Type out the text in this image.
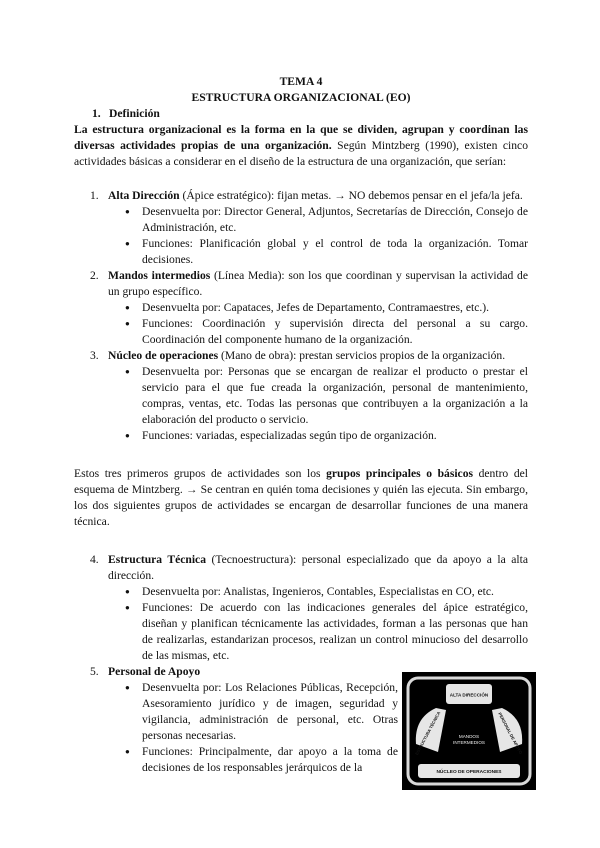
TEMA 4

ESTRUCTURA ORGANIZACIONAL (EO)

1. Definición

La estructura organizacional es la forma en la que se dividen, agrupan y coordinan las diversas actividades propias de una organización. Según Mintzberg (1990), existen cinco actividades básicas a considerar en el diseño de la estructura de una organización, que serían:

1. Alta Dirección (Ápice estratégico): fijan metas. → NO debemos pensar en el jefa/la jefa.
● Desenvuelta por: Director General, Adjuntos, Secretarías de Dirección, Consejo de Administración, etc.
● Funciones: Planificación global y el control de toda la organización. Tomar decisiones.
2. Mandos intermedios (Línea Media): son los que coordinan y supervisan la actividad de un grupo específico.
● Desenvuelta por: Capataces, Jefes de Departamento, Contramaestres, etc.).
● Funciones: Coordinación y supervisión directa del personal a su cargo. Coordinación del componente humano de la organización.
3. Núcleo de operaciones (Mano de obra): prestan servicios propios de la organización.
● Desenvuelta por: Personas que se encargan de realizar el producto o prestar el servicio para el que fue creada la organización, personal de mantenimiento, compras, ventas, etc. Todas las personas que contribuyen a la organización a la elaboración del producto o servicio.
● Funciones: variadas, especializadas según tipo de organización.

Estos tres primeros grupos de actividades son los grupos principales o básicos dentro del esquema de Mintzberg. → Se centran en quién toma decisiones y quién las ejecuta. Sin embargo, los dos siguientes grupos de actividades se encargan de desarrollar funciones de una manera técnica.

4. Estructura Técnica (Tecnoestructura): personal especializado que da apoyo a la alta dirección.
● Desenvuelta por: Analistas, Ingenieros, Contables, Especialistas en CO, etc.
● Funciones: De acuerdo con las indicaciones generales del ápice estratégico, diseñan y planifican técnicamente las actividades, forman a las personas que han de realizarlas, estandarizan procesos, realizan un control minucioso del desarrollo de las mismas, etc.
5. Personal de Apoyo
● Desenvuelta por: Los Relaciones Públicas, Recepción, Asesoramiento jurídico y de imagen, seguridad y vigilancia, administración de personal, etc. Otras personas necesarias.
● Funciones: Principalmente, dar apoyo a la toma de decisiones de los responsables jerárquicos de la
ALTA DIRECCIÓN
ESTRUCTURA TÉCNICA	PERSONAL DE APOYO
MANDOS
INTERMEDIOS
NÚCLEO DE OPERACIONES
